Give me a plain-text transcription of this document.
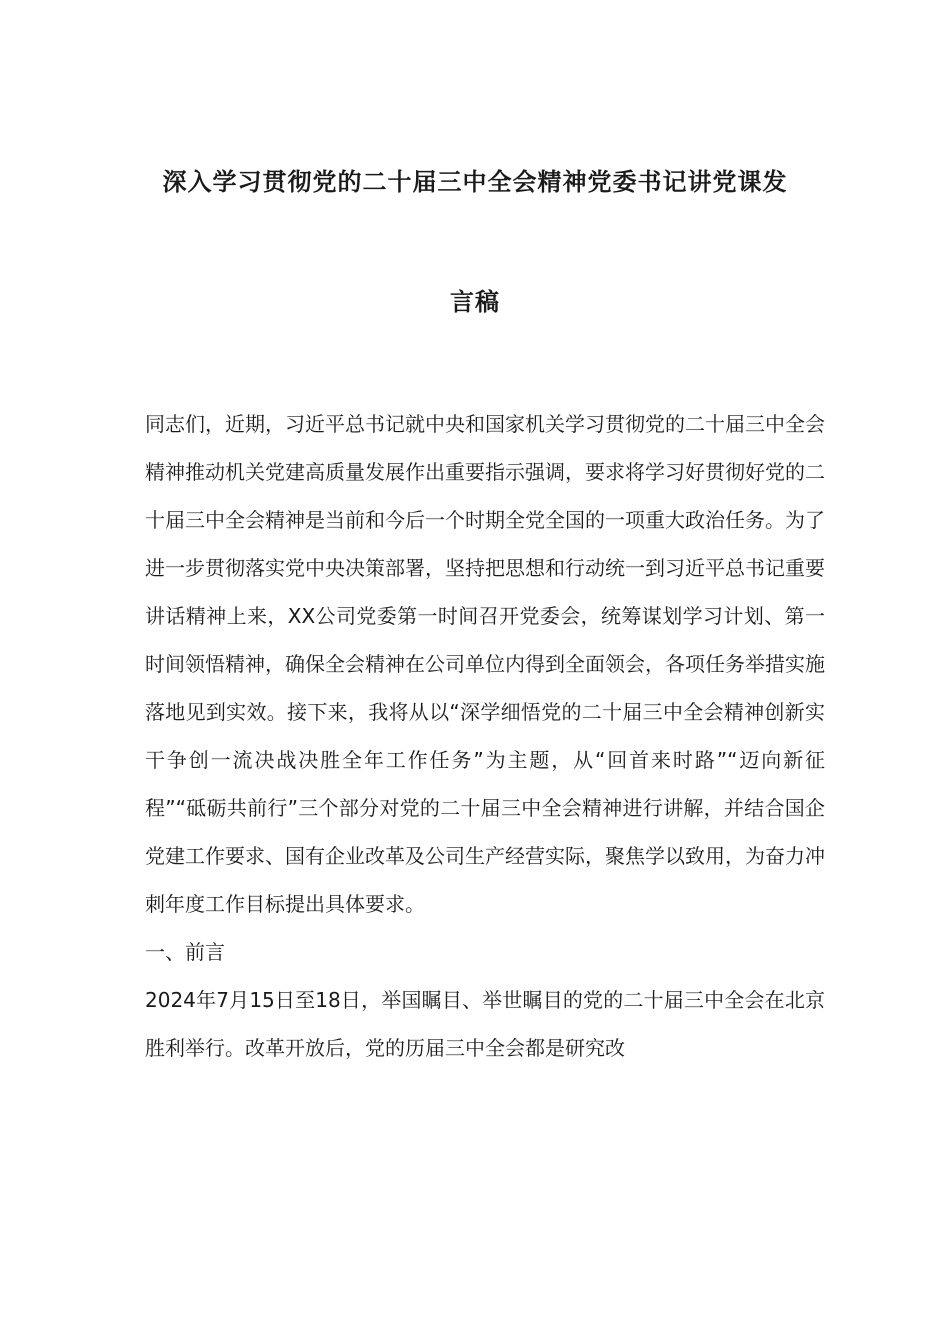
深入学习贯彻党的二十届三中全会精神党委书记讲党课发
言稿

同志们，近期，习近平总书记就中央和国家机关学习贯彻党的二十届三中全会精神推动机关党建高质量发展作出重要指示强调，要求将学习好贯彻好党的二十届三中全会精神是当前和今后一个时期全党全国的一项重大政治任务。为了进一步贯彻落实党中央决策部署，坚持把思想和行动统一到习近平总书记重要讲话精神上来，XX公司党委第一时间召开党委会，统筹谋划学习计划、第一时间领悟精神，确保全会精神在公司单位内得到全面领会，各项任务举措实施落地见到实效。接下来，我将从以“深学细悟党的二十届三中全会精神创新实干争创一流决战决胜全年工作任务”为主题，从“回首来时路”“迈向新征程”“砥砺共前行”三个部分对党的二十届三中全会精神进行讲解，并结合国企党建工作要求、国有企业改革及公司生产经营实际，聚焦学以致用，为奋力冲刺年度工作目标提出具体要求。

一、前言

2024年7月15日至18日，举国瞩目、举世瞩目的党的二十届三中全会在北京胜利举行。改革开放后，党的历届三中全会都是研究改
